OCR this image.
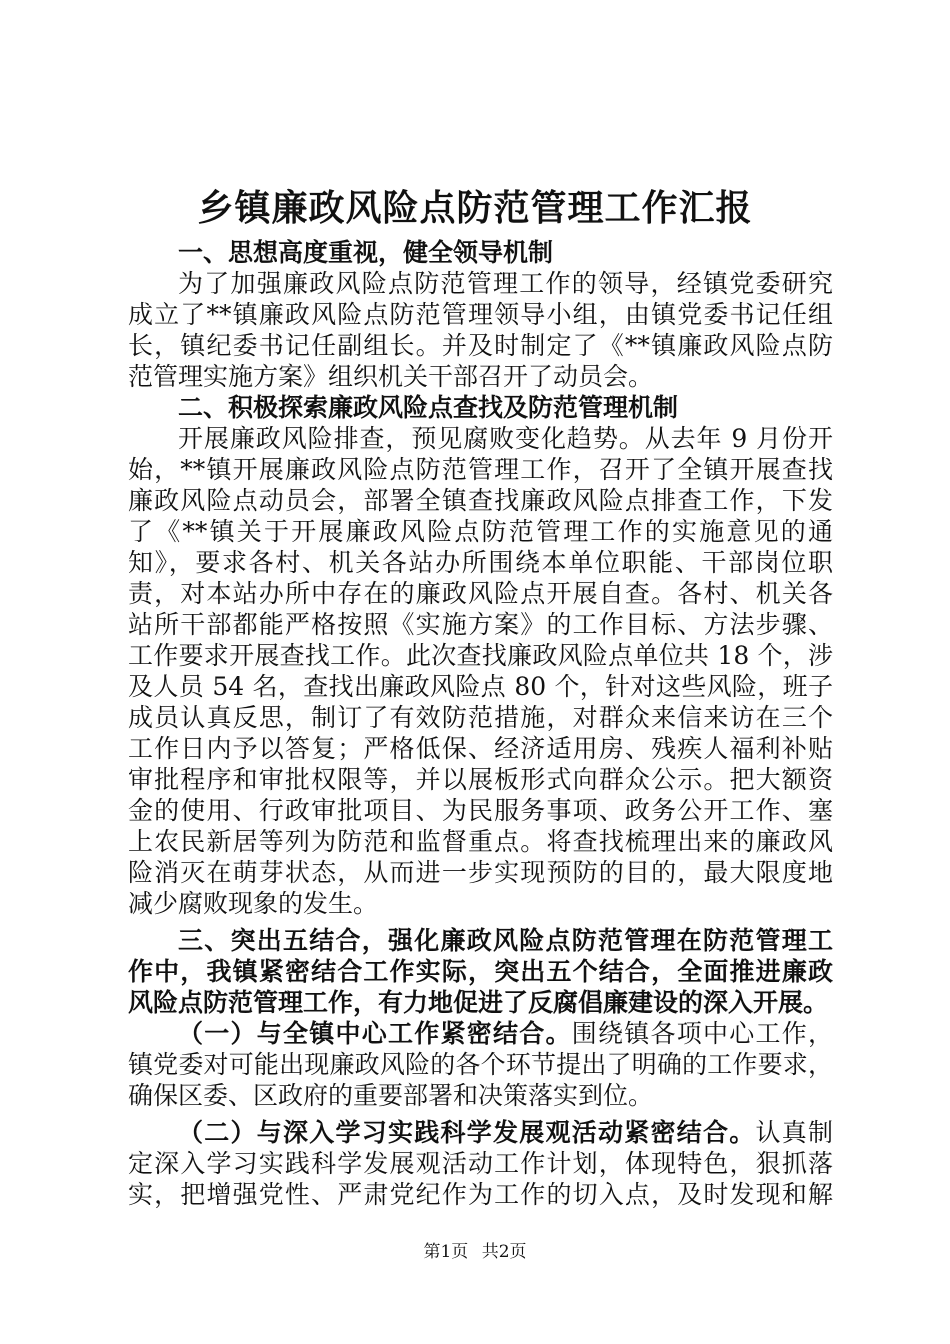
乡镇廉政风险点防范管理工作汇报
一、思想高度重视，健全领导机制
为了加强廉政风险点防范管理工作的领导，经镇党委研究
成立了**镇廉政风险点防范管理领导小组，由镇党委书记任组
长，镇纪委书记任副组长。并及时制定了《**镇廉政风险点防
范管理实施方案》组织机关干部召开了动员会。
二、积极探索廉政风险点查找及防范管理机制
开展廉政风险排查，预见腐败变化趋势。从去年 9 月份开
始，**镇开展廉政风险点防范管理工作，召开了全镇开展查找
廉政风险点动员会，部署全镇查找廉政风险点排查工作，下发
了《**镇关于开展廉政风险点防范管理工作的实施意见的通
知》，要求各村、机关各站办所围绕本单位职能、干部岗位职
责，对本站办所中存在的廉政风险点开展自查。各村、机关各
站所干部都能严格按照《实施方案》的工作目标、方法步骤、
工作要求开展查找工作。此次查找廉政风险点单位共 18 个，涉
及人员 54 名，查找出廉政风险点 80 个，针对这些风险，班子
成员认真反思，制订了有效防范措施，对群众来信来访在三个
工作日内予以答复；严格低保、经济适用房、残疾人福利补贴
审批程序和审批权限等，并以展板形式向群众公示。把大额资
金的使用、行政审批项目、为民服务事项、政务公开工作、塞
上农民新居等列为防范和监督重点。将查找梳理出来的廉政风
险消灭在萌芽状态，从而进一步实现预防的目的，最大限度地
减少腐败现象的发生。
三、突出五结合，强化廉政风险点防范管理在防范管理工
作中，我镇紧密结合工作实际，突出五个结合，全面推进廉政
风险点防范管理工作，有力地促进了反腐倡廉建设的深入开展。
（一）与全镇中心工作紧密结合。围绕镇各项中心工作，
镇党委对可能出现廉政风险的各个环节提出了明确的工作要求，
确保区委、区政府的重要部署和决策落实到位。
（二）与深入学习实践科学发展观活动紧密结合。认真制
定深入学习实践科学发展观活动工作计划，体现特色，狠抓落
实，把增强党性、严肃党纪作为工作的切入点，及时发现和解
第1页 共2页
